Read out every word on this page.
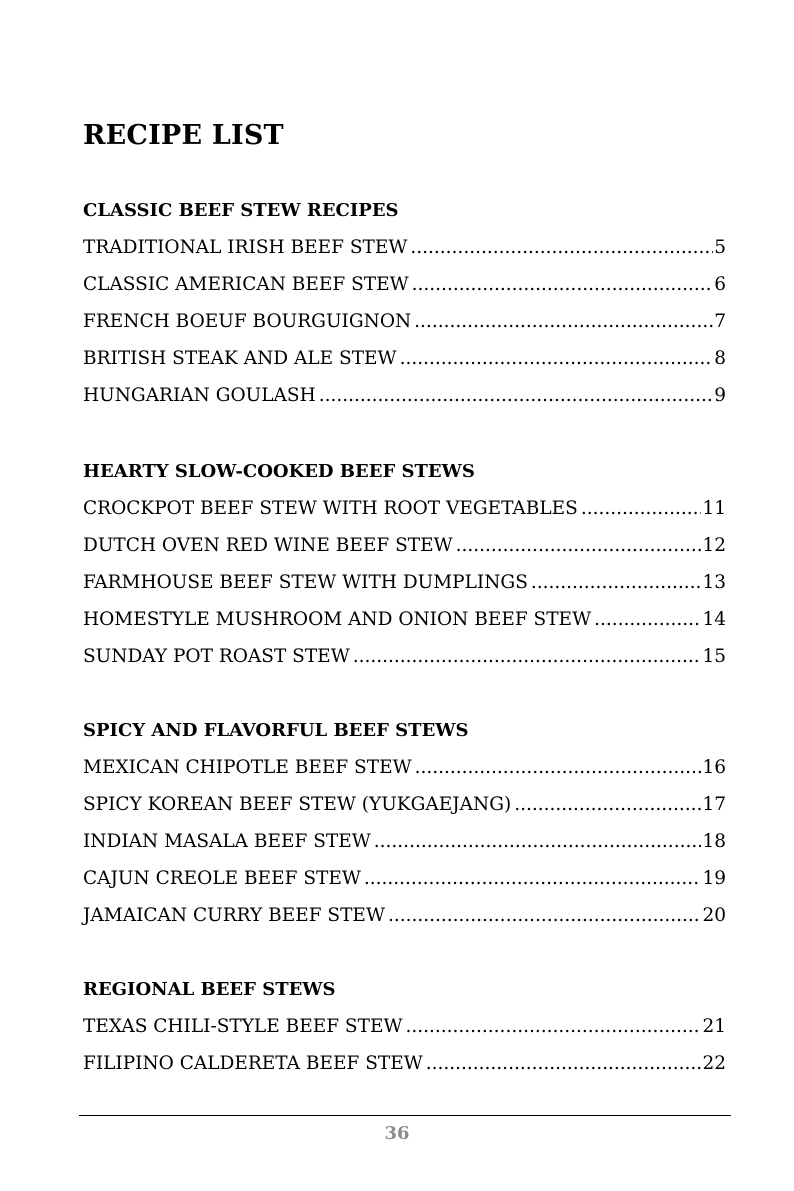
RECIPE LIST
CLASSIC BEEF STEW RECIPES
TRADITIONAL IRISH BEEF STEW .....	5
CLASSIC AMERICAN BEEF STEW .....	6
FRENCH BOEUF BOURGUIGNON .....	7
BRITISH STEAK AND ALE STEW .....	8
HUNGARIAN GOULASH .....	9
HEARTY SLOW-COOKED BEEF STEWS
CROCKPOT BEEF STEW WITH ROOT VEGETABLES .....	11
DUTCH OVEN RED WINE BEEF STEW .....	12
FARMHOUSE BEEF STEW WITH DUMPLINGS .....	13
HOMESTYLE MUSHROOM AND ONION BEEF STEW .....	14
SUNDAY POT ROAST STEW .....	15
SPICY AND FLAVORFUL BEEF STEWS
MEXICAN CHIPOTLE BEEF STEW .....	16
SPICY KOREAN BEEF STEW (YUKGAEJANG) .....	17
INDIAN MASALA BEEF STEW .....	18
CAJUN CREOLE BEEF STEW .....	19
JAMAICAN CURRY BEEF STEW .....	20
REGIONAL BEEF STEWS
TEXAS CHILI-STYLE BEEF STEW .....	21
FILIPINO CALDERETA BEEF STEW .....	22
36
